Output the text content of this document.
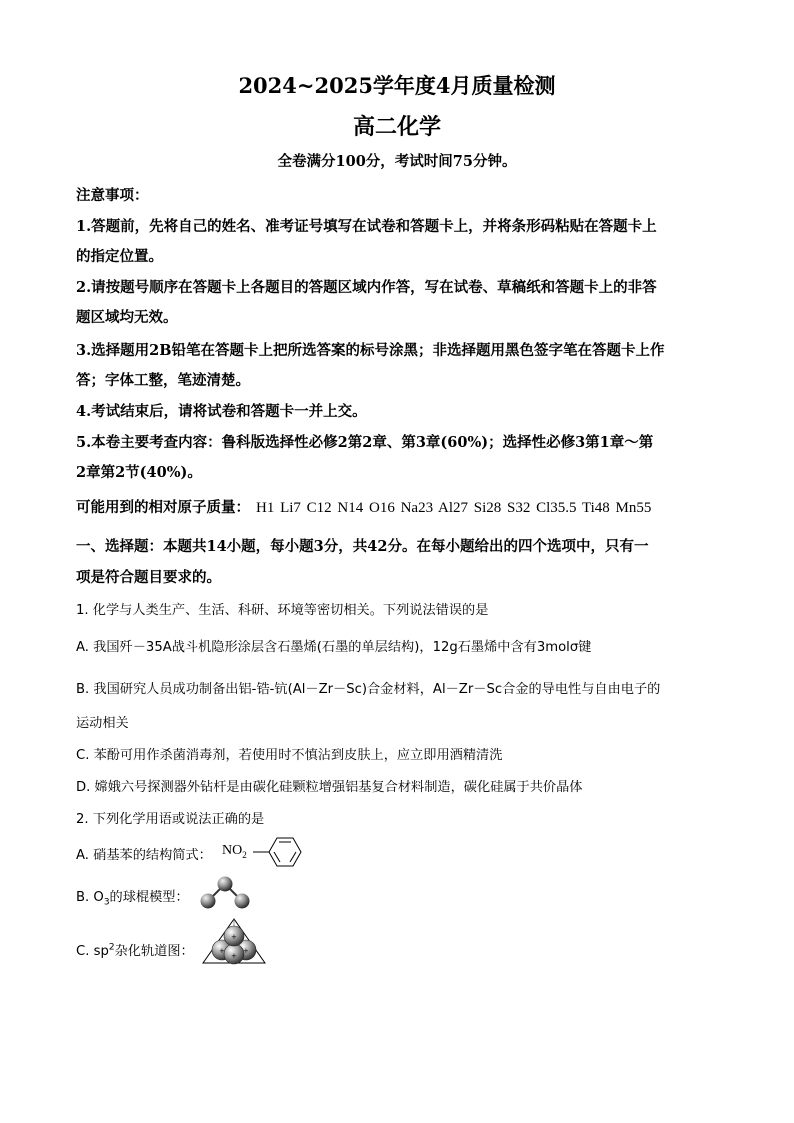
2024~2025学年度4月质量检测
高二化学
全卷满分100分，考试时间75分钟。
注意事项：
1.答题前，先将自己的姓名、准考证号填写在试卷和答题卡上，并将条形码粘贴在答题卡上
的指定位置。
2.请按题号顺序在答题卡上各题目的答题区域内作答，写在试卷、草稿纸和答题卡上的非答
题区域均无效。
3.选择题用2B铅笔在答题卡上把所选答案的标号涂黑；非选择题用黑色签字笔在答题卡上作
答；字体工整，笔迹清楚。
4.考试结束后，请将试卷和答题卡一并上交。
5.本卷主要考查内容：鲁科版选择性必修2第2章、第3章(60%)；选择性必修3第1章～第
2章第2节(40%)。
可能用到的相对原子质量： H1 Li7 C12 N14 O16 Na23 Al27 Si28 S32 Cl35.5 Ti48 Mn55
一、选择题：本题共14小题，每小题3分，共42分。在每小题给出的四个选项中，只有一
项是符合题目要求的。
1. 化学与人类生产、生活、科研、环境等密切相关。下列说法错误的是
A. 我国歼－35A战斗机隐形涂层含石墨烯(石墨的单层结构)，12g石墨烯中含有3molσ键
B. 我国研究人员成功制备出铝-锆-钪(Al－Zr－Sc)合金材料，Al－Zr－Sc合金的导电性与自由电子的
运动相关
C. 苯酚可用作杀菌消毒剂，若使用时不慎沾到皮肤上，应立即用酒精清洗
D. 嫦娥六号探测器外钻杆是由碳化硅颗粒增强铝基复合材料制造，碳化硅属于共价晶体
2. 下列化学用语或说法正确的是
A. 硝基苯的结构简式： $NO_2$
B. $O_3$的球棍模型：
C. $sp^2$杂化轨道图：
+
+	+
+
